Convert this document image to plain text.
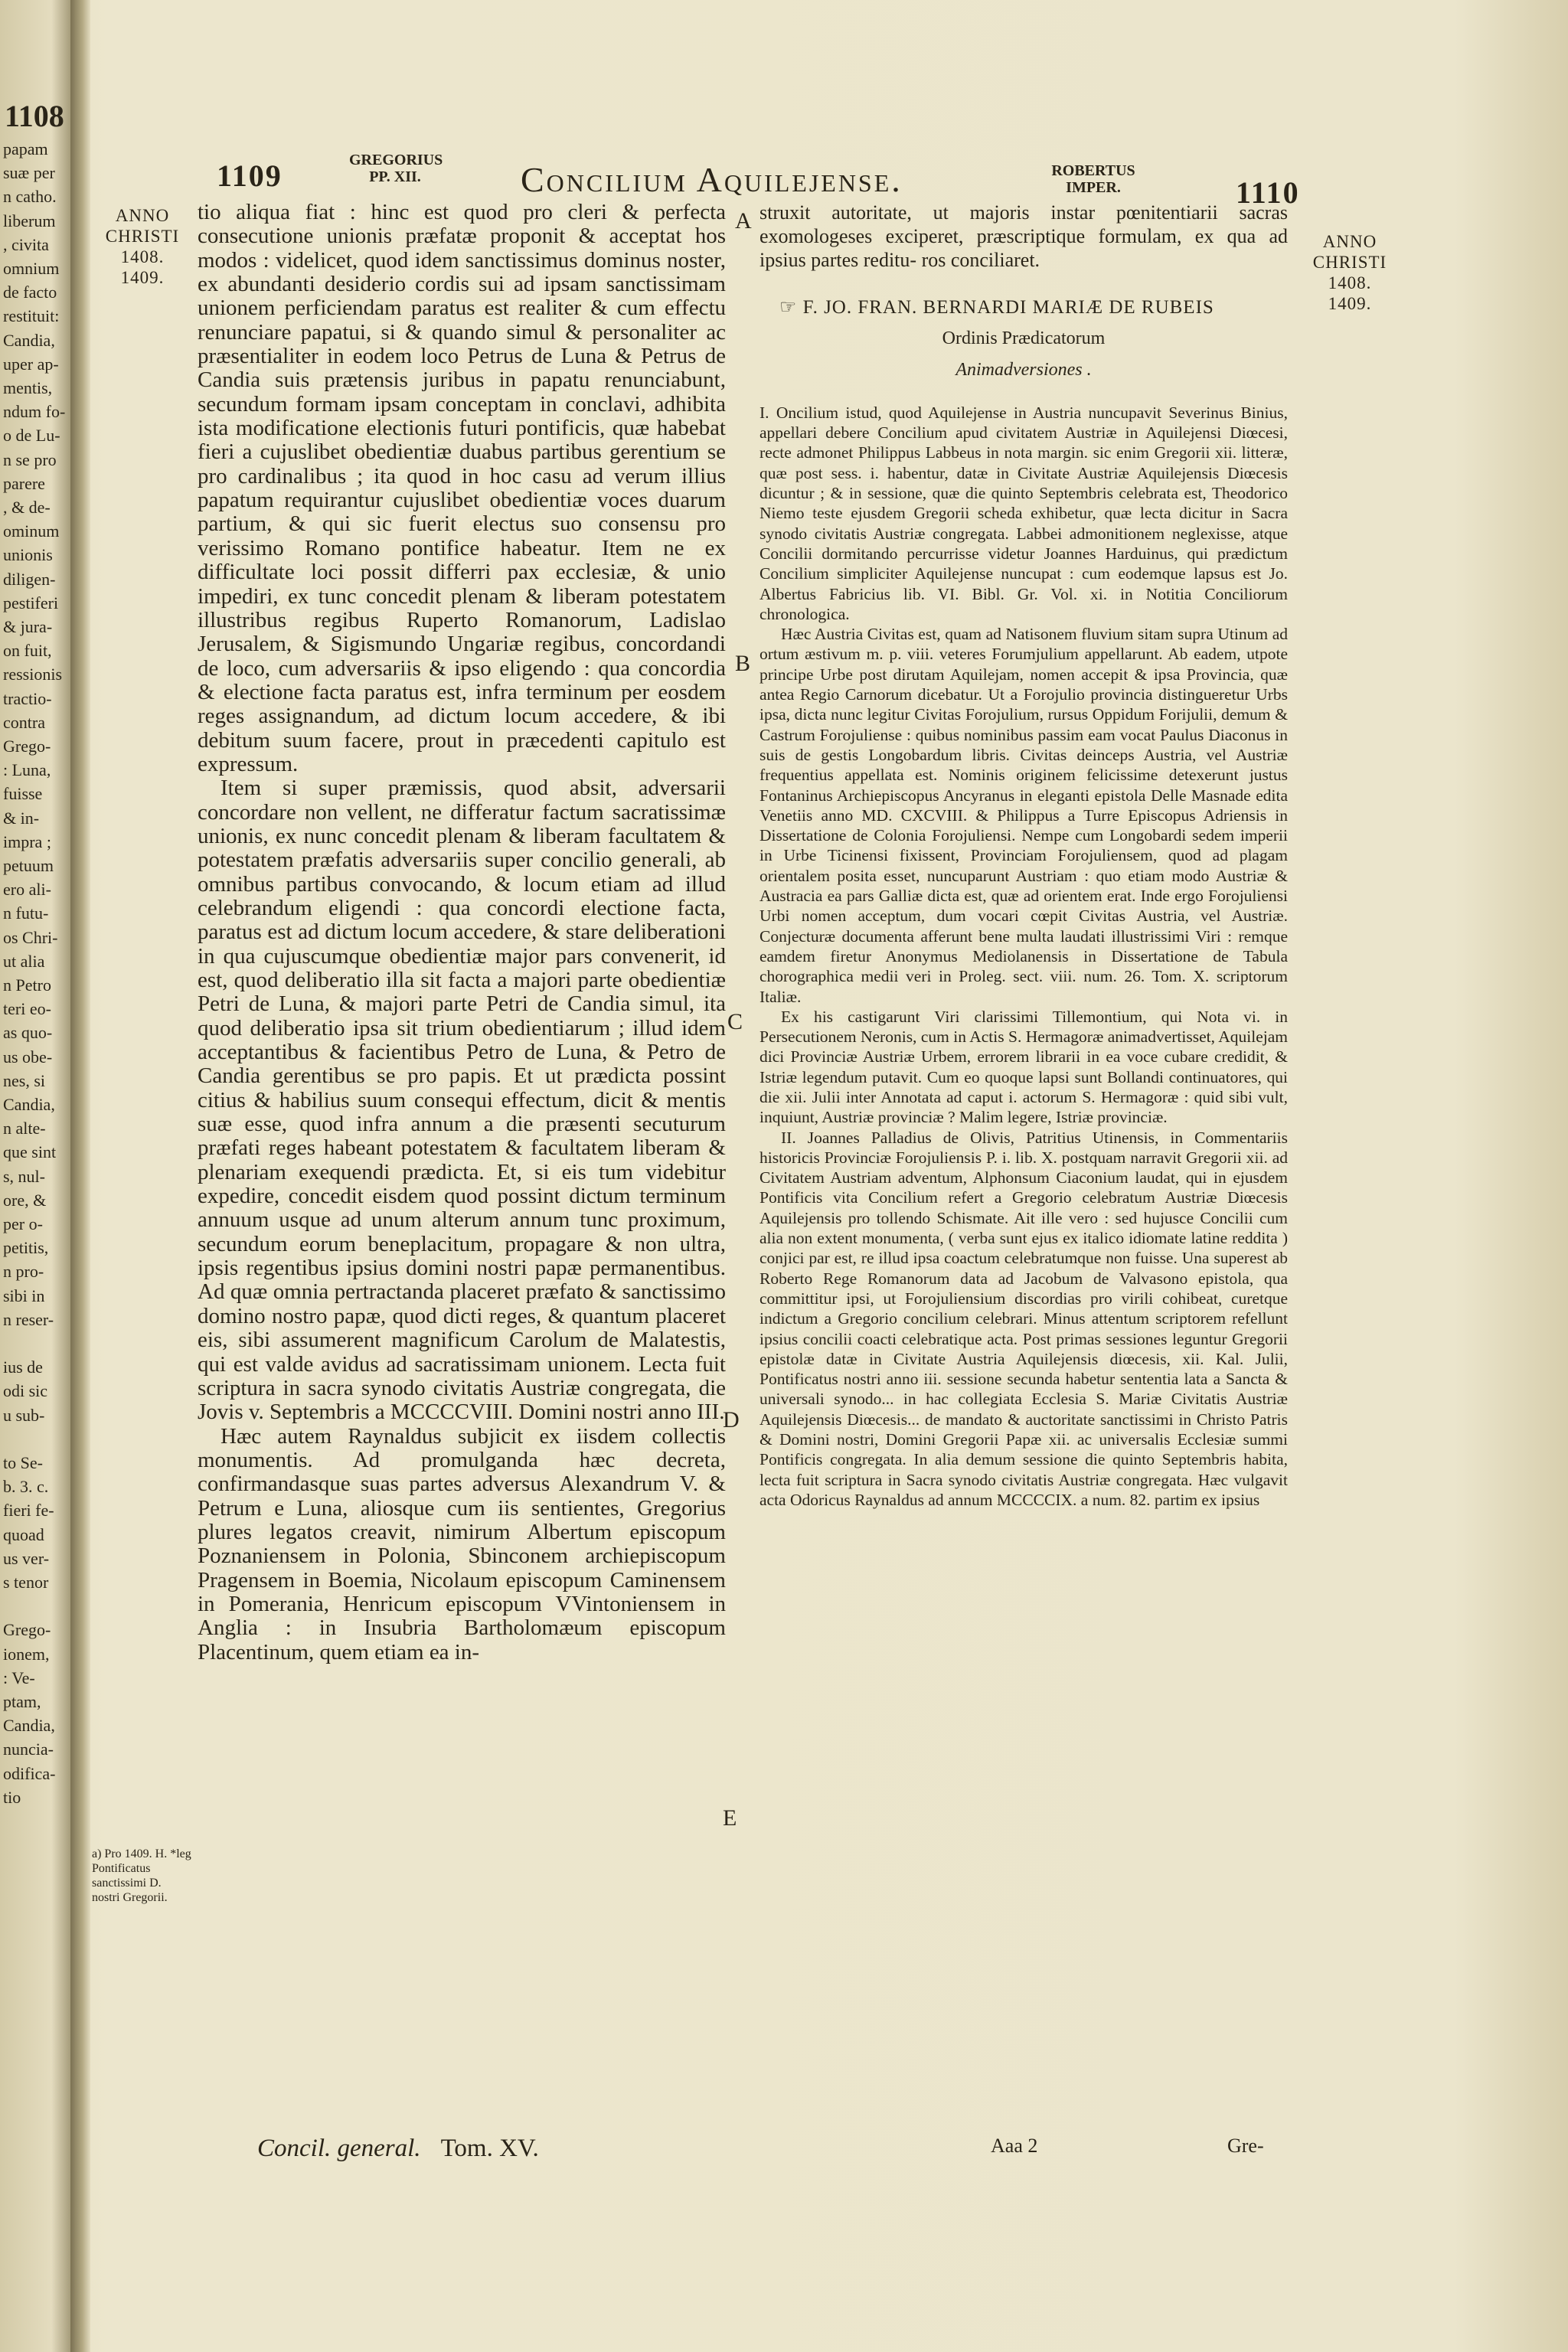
1108
papam
suæ per
n catho.
liberum
, civita
omnium
de facto
restituit:
Candia,
uper ap-
mentis,
ndum fo-
o de Lu-
n se pro
parere
, & de-
ominum
unionis
diligen-
pestiferi
& jura-
on fuit,
ressionis
tractio-
contra
Grego-
: Luna,
fuisse
& in-
impra ;
petuum
ero ali-
n futu-
os Chri-
ut alia
n Petro
teri eo-
as quo-
us obe-
nes, si
Candia,
n alte-
que sint
s, nul-
ore, &
per o-
petitis,
n pro-
sibi in
n reser-
ius de
odi sic
u sub-
to Se-
b. 3. c.
fieri fe-
quoad
us ver-
s tenor
Grego-
ionem,
: Ve-
ptam,
Candia,
nuncia-
odifica-
tio
1109	GREGORIUS
PP. XII.	Concilium Aquilejense.	ROBERTUS
IMPER.	1110
ANNO
CHRISTI
1408.
1409.
ANNO
CHRISTI
1408.
1409.
A
B
C
D
E
a) Pro 1409. H. *leg Pontificatus sanctissimi D. nostri Gregorii.

tio aliqua fiat : hinc est quod pro cleri & perfecta consecutione unionis præfatæ proponit & acceptat hos modos : videlicet, quod idem sanctissimus dominus noster, ex abundanti desiderio cordis sui ad ipsam sanctissimam unionem perficiendam paratus est realiter & cum effectu renunciare papatui, si & quando simul & personaliter ac præsentialiter in eodem loco Petrus de Luna & Petrus de Candia suis prætensis juribus in papatu renunciabunt, secundum formam ipsam conceptam in conclavi, adhibita ista modificatione electionis futuri pontificis, quæ habebat fieri a cujuslibet obedientiæ duabus partibus gerentium se pro cardinalibus ; ita quod in hoc casu ad verum illius papatum requirantur cujuslibet obedientiæ voces duarum partium, & qui sic fuerit electus suo consensu pro verissimo Romano pontifice habeatur. Item ne ex difficultate loci possit differri pax ecclesiæ, & unio impediri, ex tunc concedit plenam & liberam potestatem illustribus regibus Ruperto Romanorum, Ladislao Jerusalem, & Sigismundo Ungariæ regibus, concordandi de loco, cum adversariis & ipso eligendo : qua concordia & electione facta paratus est, infra terminum per eosdem reges assignandum, ad dictum locum accedere, & ibi debitum suum facere, prout in præcedenti capitulo est expressum.

Item si super præmissis, quod absit, adversarii concordare non vellent, ne differatur factum sacratissimæ unionis, ex nunc concedit plenam & liberam facultatem & potestatem præfatis adversariis super concilio generali, ab omnibus partibus convocando, & locum etiam ad illud celebrandum eligendi : qua concordi electione facta, paratus est ad dictum locum accedere, & stare deliberationi in qua cujuscumque obedientiæ major pars convenerit, id est, quod deliberatio illa sit facta a majori parte obedientiæ Petri de Luna, & majori parte Petri de Candia simul, ita quod deliberatio ipsa sit trium obedientiarum ; illud idem acceptantibus & facientibus Petro de Luna, & Petro de Candia gerentibus se pro papis. Et ut prædicta possint citius & habilius suum consequi effectum, dicit & mentis suæ esse, quod infra annum a die præsenti secuturum præfati reges habeant potestatem & facultatem liberam & plenariam exequendi prædicta. Et, si eis tum videbitur expedire, concedit eisdem quod possint dictum terminum annuum usque ad unum alterum annum tunc proximum, secundum eorum beneplacitum, propagare & non ultra, ipsis regentibus ipsius domini nostri papæ permanentibus. Ad quæ omnia pertractanda placeret præfato & sanctissimo domino nostro papæ, quod dicti reges, & quantum placeret eis, sibi assumerent magnificum Carolum de Malatestis, qui est valde avidus ad sacratissimam unionem. Lecta fuit scriptura in sacra synodo civitatis Austriæ congregata, die Jovis v. Septembris a MCCCCVIII. Domini nostri anno III.

Hæc autem Raynaldus subjicit ex iisdem collectis monumentis. Ad promulganda hæc decreta, confirmandasque suas partes adversus Alexandrum V. & Petrum e Luna, aliosque cum iis sentientes, Gregorius plures legatos creavit, nimirum Albertum episcopum Poznaniensem in Polonia, Sbinconem archiepiscopum Pragensem in Boemia, Nicolaum episcopum Caminensem in Pomerania, Henricum episcopum VVintoniensem in Anglia : in Insubria Bartholomæum episcopum Placentinum, quem etiam ea in-

struxit autoritate, ut majoris instar pœnitentiarii sacras exomologeses exciperet, præscriptique formulam, ex qua ad ipsius partes reditu- ros conciliaret.

☞ F. JO. FRAN. BERNARDI MARIÆ DE RUBEIS
Ordinis Prædicatorum
Animadversiones .

I. Oncilium istud, quod Aquilejense in Austria nuncupavit Severinus Binius, appellari debere Concilium apud civitatem Austriæ in Aquilejensi Diœcesi, recte admonet Philippus Labbeus in nota margin. sic enim Gregorii xii. litteræ, quæ post sess. i. habentur, datæ in Civitate Austriæ Aquilejensis Diœcesis dicuntur ; & in sessione, quæ die quinto Septembris celebrata est, Theodorico Niemo teste ejusdem Gregorii scheda exhibetur, quæ lecta dicitur in Sacra synodo civitatis Austriæ congregata. Labbei admonitionem neglexisse, atque Concilii dormitando percurrisse videtur Joannes Harduinus, qui prædictum Concilium simpliciter Aquilejense nuncupat : cum eodemque lapsus est Jo. Albertus Fabricius lib. VI. Bibl. Gr. Vol. xi. in Notitia Conciliorum chronologica.

Hæc Austria Civitas est, quam ad Natisonem fluvium sitam supra Utinum ad ortum æstivum m. p. viii. veteres Forumjulium appellarunt. Ab eadem, utpote principe Urbe post dirutam Aquilejam, nomen accepit & ipsa Provincia, quæ antea Regio Carnorum dicebatur. Ut a Forojulio provincia distingueretur Urbs ipsa, dicta nunc legitur Civitas Forojulium, rursus Oppidum Forijulii, demum & Castrum Forojuliense : quibus nominibus passim eam vocat Paulus Diaconus in suis de gestis Longobardum libris. Civitas deinceps Austria, vel Austriæ frequentius appellata est. Nominis originem felicissime detexerunt justus Fontaninus Archiepiscopus Ancyranus in eleganti epistola Delle Masnade edita Venetiis anno MD. CXCVIII. & Philippus a Turre Episcopus Adriensis in Dissertatione de Colonia Forojuliensi. Nempe cum Longobardi sedem imperii in Urbe Ticinensi fixissent, Provinciam Forojuliensem, quod ad plagam orientalem posita esset, nuncuparunt Austriam : quo etiam modo Austriæ & Austracia ea pars Galliæ dicta est, quæ ad orientem erat. Inde ergo Forojuliensi Urbi nomen acceptum, dum vocari cœpit Civitas Austria, vel Austriæ. Conjecturæ documenta afferunt bene multa laudati illustrissimi Viri : remque eamdem firetur Anonymus Mediolanensis in Dissertatione de Tabula chorographica medii veri in Proleg. sect. viii. num. 26. Tom. X. scriptorum Italiæ.

Ex his castigarunt Viri clarissimi Tillemontium, qui Nota vi. in Persecutionem Neronis, cum in Actis S. Hermagoræ animadvertisset, Aquilejam dici Provinciæ Austriæ Urbem, errorem librarii in ea voce cubare credidit, & Istriæ legendum putavit. Cum eo quoque lapsi sunt Bollandi continuatores, qui die xii. Julii inter Annotata ad caput i. actorum S. Hermagoræ : quid sibi vult, inquiunt, Austriæ provinciæ ? Malim legere, Istriæ provinciæ.

II. Joannes Palladius de Olivis, Patritius Utinensis, in Commentariis historicis Provinciæ Forojuliensis P. i. lib. X. postquam narravit Gregorii xii. ad Civitatem Austriam adventum, Alphonsum Ciaconium laudat, qui in ejusdem Pontificis vita Concilium refert a Gregorio celebratum Austriæ Diœcesis Aquilejensis pro tollendo Schismate. Ait ille vero : sed hujusce Concilii cum alia non extent monumenta, ( verba sunt ejus ex italico idiomate latine reddita ) conjici par est, re illud ipsa coactum celebratumque non fuisse. Una superest ab Roberto Rege Romanorum data ad Jacobum de Valvasono epistola, qua committitur ipsi, ut Forojuliensium discordias pro virili cohibeat, curetque indictum a Gregorio concilium celebrari. Minus attentum scriptorem refellunt ipsius concilii coacti celebratique acta. Post primas sessiones leguntur Gregorii epistolæ datæ in Civitate Austria Aquilejensis diœcesis, xii. Kal. Julii, Pontificatus nostri anno iii. sessione secunda habetur sententia lata a Sancta & universali synodo... in hac collegiata Ecclesia S. Mariæ Civitatis Austriæ Aquilejensis Diœcesis... de mandato & auctoritate sanctissimi in Christo Patris & Domini nostri, Domini Gregorii Papæ xii. ac universalis Ecclesiæ summi Pontificis congregata. In alia demum sessione die quinto Septembris habita, lecta fuit scriptura in Sacra synodo civitatis Austriæ congregata. Hæc vulgavit acta Odoricus Raynaldus ad annum MCCCCIX. a num. 82. partim ex ipsius

Concil. general. Tom. XV.	Aaa 2	Gre-
